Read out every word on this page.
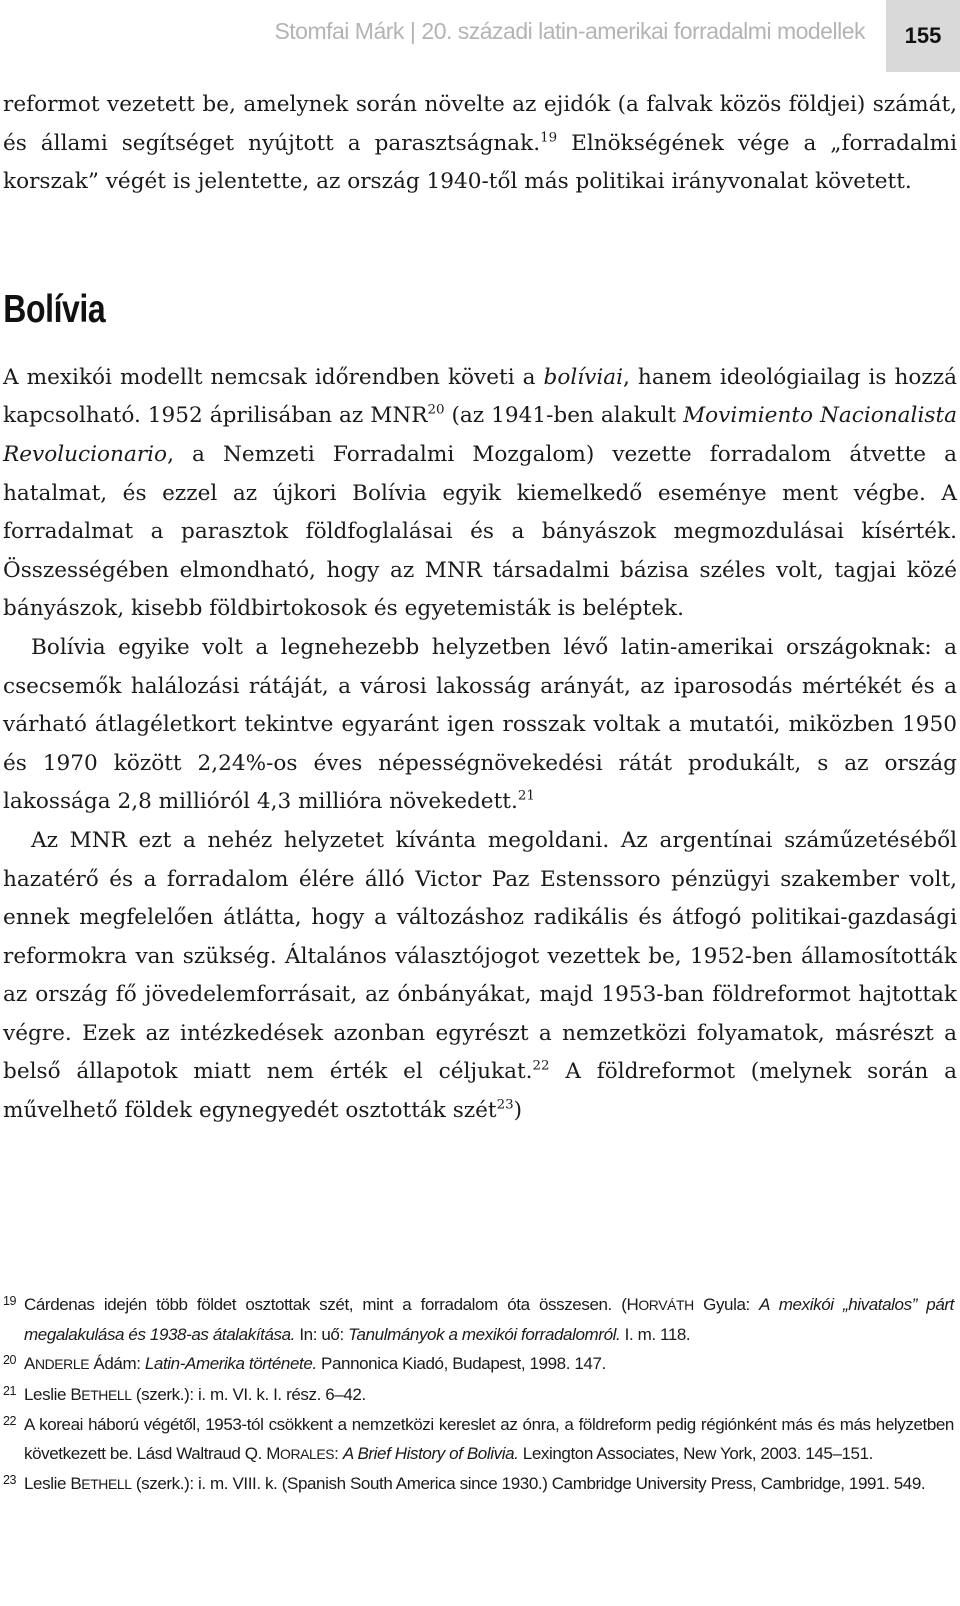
Stomfai Márk | 20. századi latin-amerikai forradalmi modellek 155

reformot vezetett be, amelynek során növelte az ejidók (a falvak közös földjei) számát, és állami segítséget nyújtott a parasztságnak.$^{19}$ Elnökségének vége a „forradalmi korszak” végét is jelentette, az ország 1940-től más politikai irányvonalat követett.

Bolívia

A mexikói modellt nemcsak időrendben követi a bolíviai, hanem ideológiailag is hozzá kapcsolható. 1952 áprilisában az MNR$^{20}$ (az 1941-ben alakult Movimiento Nacionalista Revolucionario, a Nemzeti Forradalmi Mozgalom) vezette forradalom átvette a hatalmat, és ezzel az újkori Bolívia egyik kiemelkedő eseménye ment végbe. A forradalmat a parasztok földfoglalásai és a bányászok megmozdulásai kísérték. Összességében elmondható, hogy az MNR társadalmi bázisa széles volt, tagjai közé bányászok, kisebb földbirtokosok és egyetemisták is beléptek.

Bolívia egyike volt a legnehezebb helyzetben lévő latin-amerikai országoknak: a csecsemők halálozási rátáját, a városi lakosság arányát, az iparosodás mértékét és a várható átlagéletkort tekintve egyaránt igen rosszak voltak a mutatói, miközben 1950 és 1970 között 2,24%-os éves népességnövekedési rátát produkált, s az ország lakossága 2,8 millióról 4,3 millióra növekedett.$^{21}$

Az MNR ezt a nehéz helyzetet kívánta megoldani. Az argentínai száműzetéséből hazatérő és a forradalom élére álló Victor Paz Estenssoro pénzügyi szakember volt, ennek megfelelően átlátta, hogy a változáshoz radikális és átfogó politikai-gazdasági reformokra van szükség. Általános választójogot vezettek be, 1952-ben államosították az ország fő jövedelemforrásait, az ónbányákat, majd 1953-ban földreformot hajtottak végre. Ezek az intézkedések azonban egyrészt a nemzetközi folyamatok, másrészt a belső állapotok miatt nem érték el céljukat.$^{22}$ A földreformot (melynek során a művelhető földek egynegyedét osztották szét$^{23}$)

19 Cárdenas idején több földet osztottak szét, mint a forradalom óta összesen. (HORVÁTH Gyula: A mexikói „hivatalos” párt megalakulása és 1938-as átalakítása. In: uő: Tanulmányok a mexikói forradalomról. I. m. 118.

20 ANDERLE Ádám: Latin-Amerika története. Pannonica Kiadó, Budapest, 1998. 147.

21 Leslie BETHELL (szerk.): i. m. VI. k. I. rész. 6–42.

22 A koreai háború végétől, 1953-tól csökkent a nemzetközi kereslet az ónra, a földreform pedig régiónként más és más helyzetben következett be. Lásd Waltraud Q. MORALES: A Brief History of Bolivia. Lexington Associates, New York, 2003. 145–151.

23 Leslie BETHELL (szerk.): i. m. VIII. k. (Spanish South America since 1930.) Cambridge University Press, Cambridge, 1991. 549.
